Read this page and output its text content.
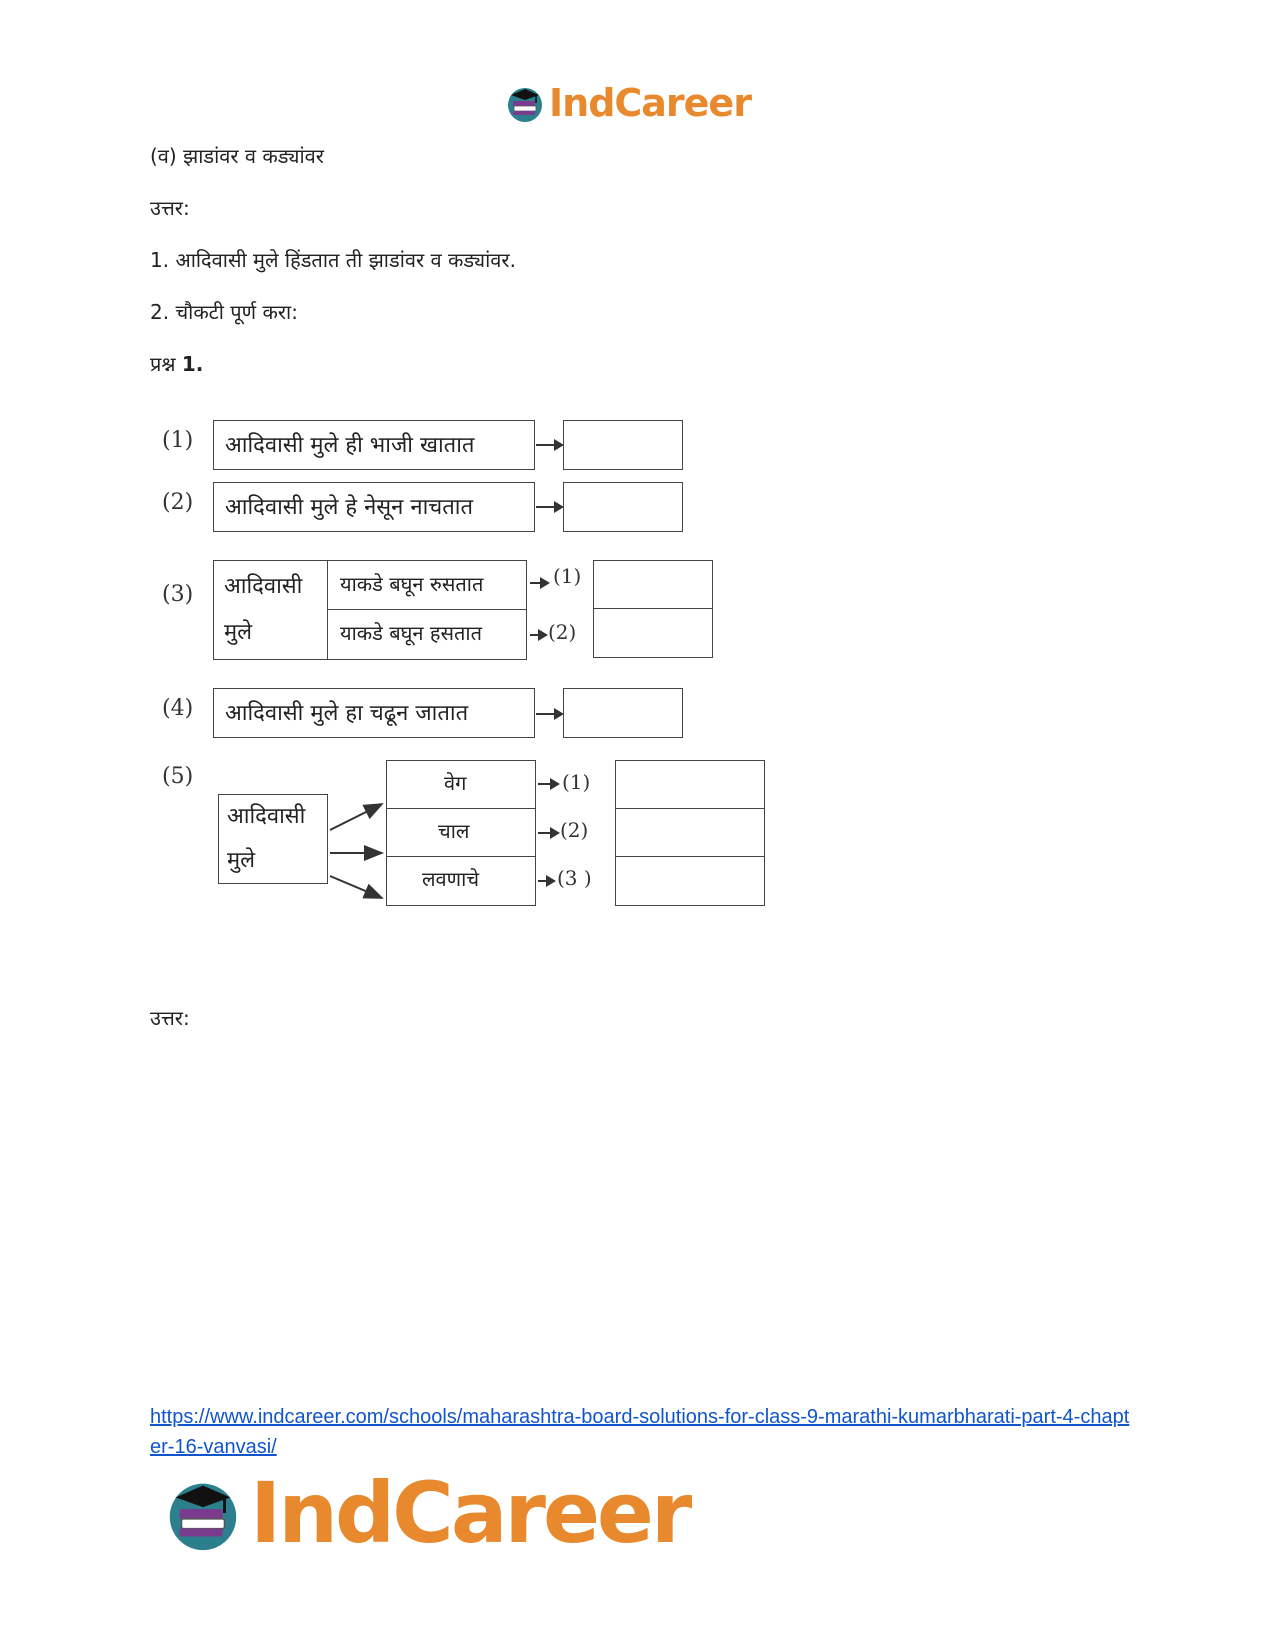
IndCareer
(व) झाडांवर व कड्यांवर
उत्तर:
1. आदिवासी मुले हिंडतात ती झाडांवर व कड्यांवर.
2. चौकटी पूर्ण करा:
प्रश्न 1.
(1) आदिवासी मुले ही भाजी खातात
(2) आदिवासी मुले हे नेसून नाचतात
(3) आदिवासी
मुले
याकडे बघून रुसतात
याकडे बघून हसतात
(1)
(2)
(4) आदिवासी मुले हा चढून जातात
(5)
आदिवासी
मुले
वेग
चाल
लवणाचे
(1)
(2)
(3 )
उत्तर:
https://www.indcareer.com/schools/maharashtra-board-solutions-for-class-9-marathi-kumarbharati-part-4-chapter-16-vanvasi/
IndCareer
